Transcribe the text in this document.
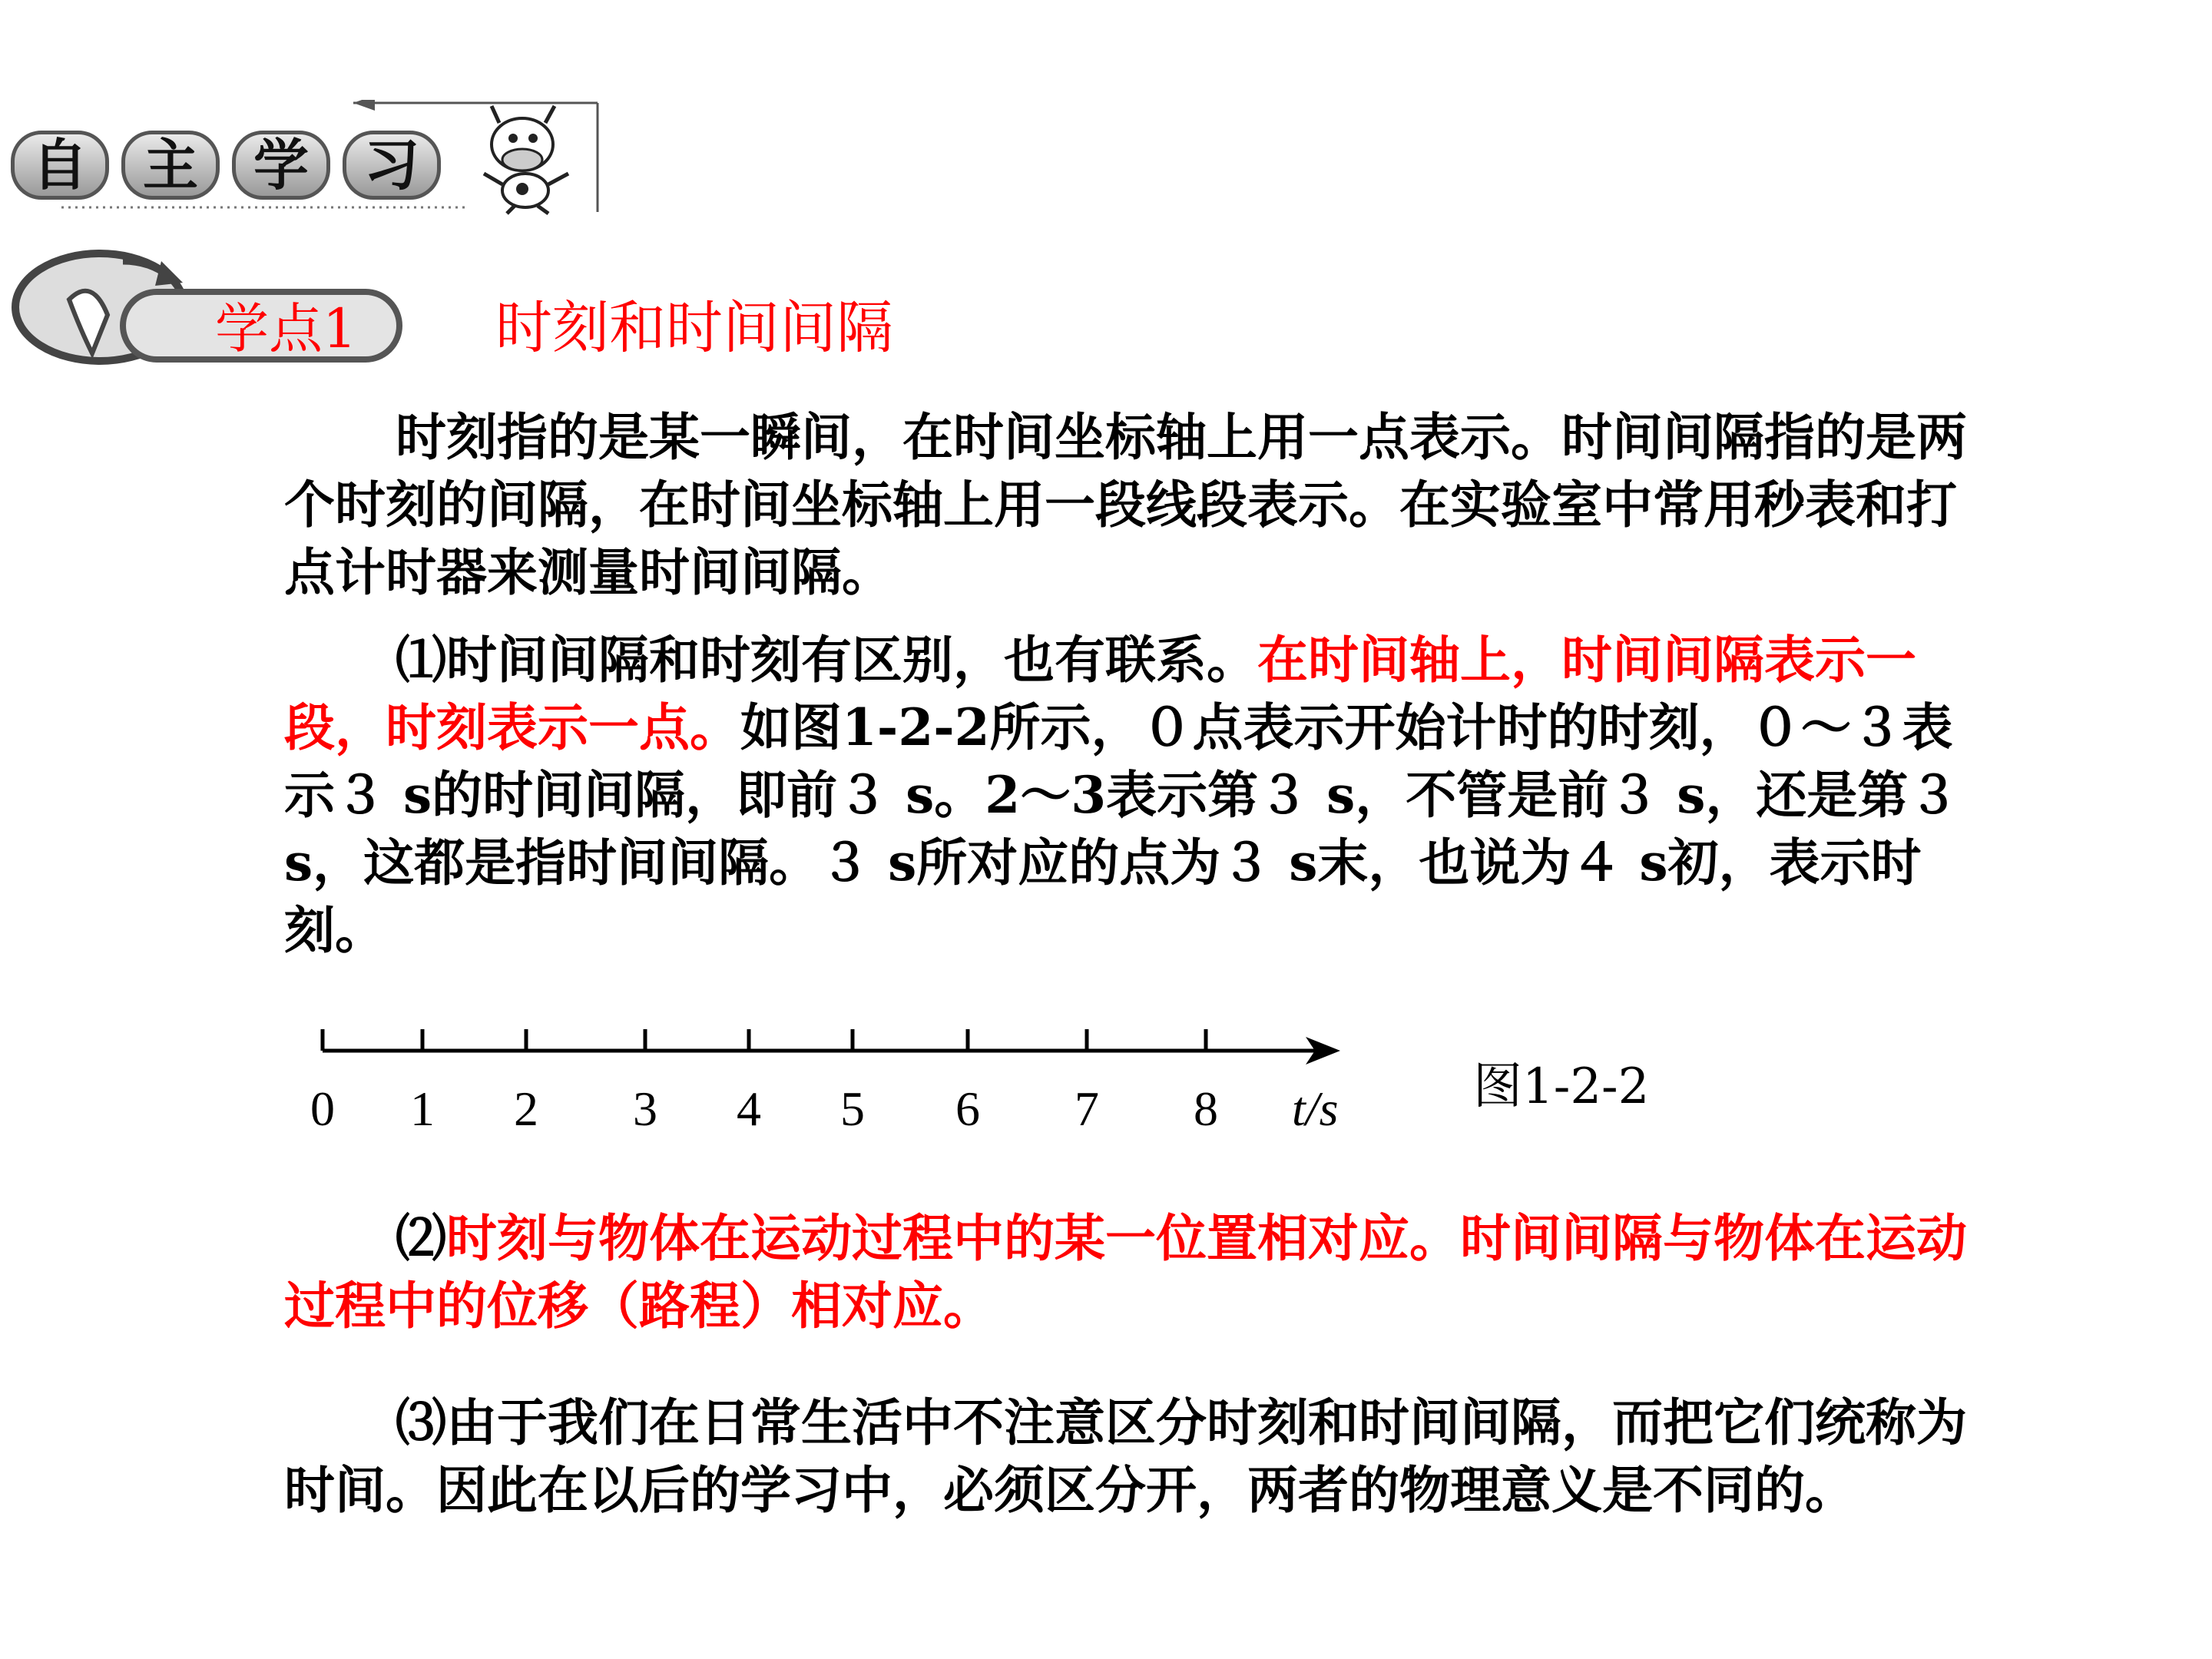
自 主 学 习
学点1 时刻和时间间隔

时刻指的是某一瞬间，在时间坐标轴上用一点表示。时间间隔指的是两个时刻的间隔，在时间坐标轴上用一段线段表示。在实验室中常用秒表和打点计时器来测量时间间隔。

⑴时间间隔和时刻有区别，也有联系。在时间轴上，时间间隔表示一段，时刻表示一点。如图1-2-2所示，０点表示开始计时的时刻，０～３表示３ s的时间间隔，即前３ s。2～3表示第３ s，不管是前３ s，还是第３ s，这都是指时间间隔。３ s所对应的点为３ s末，也说为４ s初，表示时刻。

0 1 2 3 4 5 6 7 8 t/s	图1-2-2

⑵时刻与物体在运动过程中的某一位置相对应。时间间隔与物体在运动过程中的位移（路程）相对应。

⑶由于我们在日常生活中不注意区分时刻和时间间隔，而把它们统称为时间。因此在以后的学习中，必须区分开，两者的物理意义是不同的。
